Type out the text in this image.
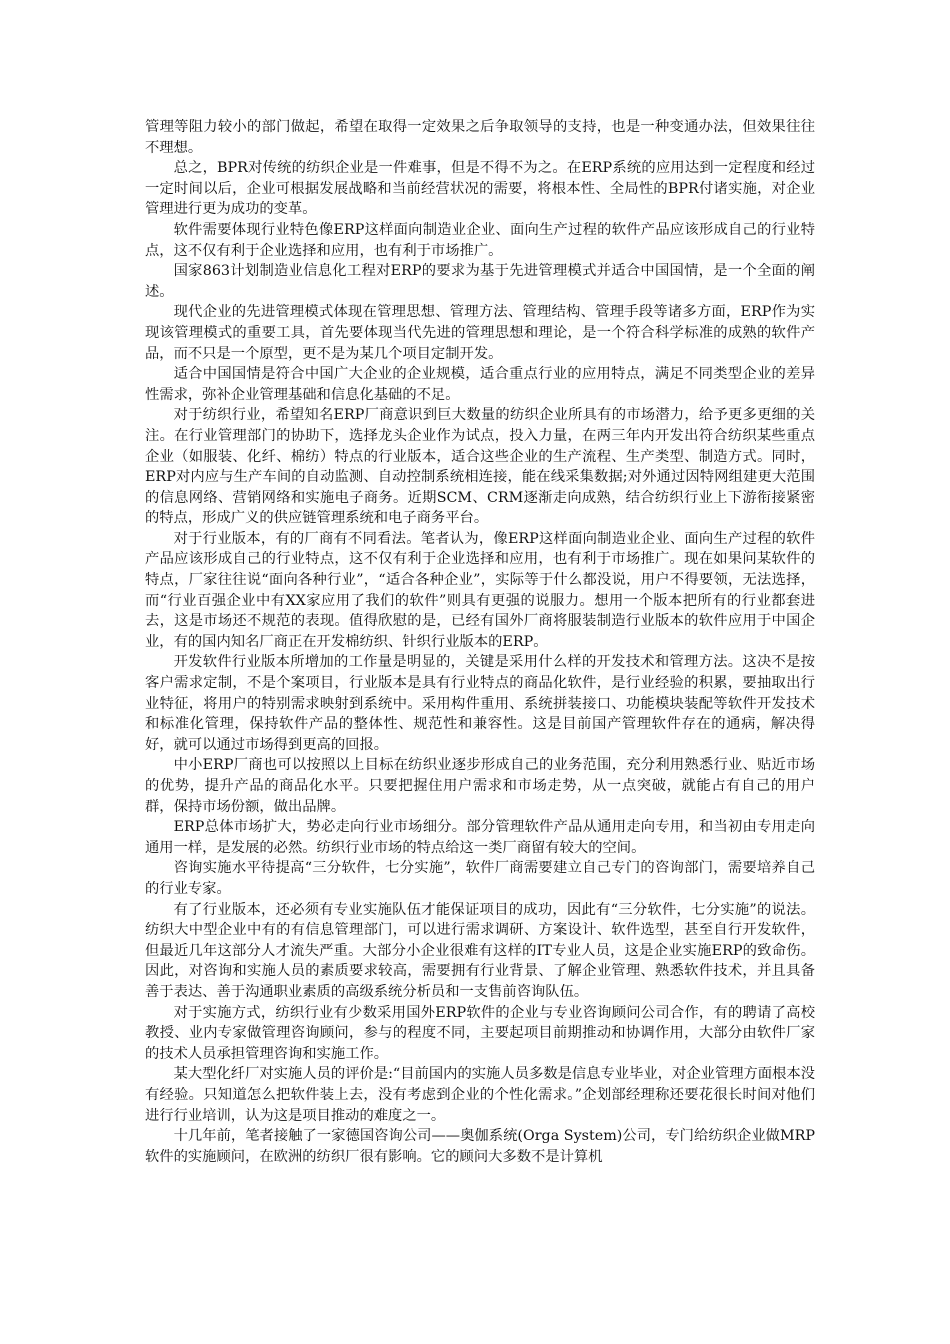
管理等阻力较小的部门做起，希望在取得一定效果之后争取领导的支持，也是一种变通办法，但效果往往不理想。

总之，BPR对传统的纺织企业是一件难事，但是不得不为之。在ERP系统的应用达到一定程度和经过一定时间以后，企业可根据发展战略和当前经营状况的需要，将根本性、全局性的BPR付诸实施，对企业管理进行更为成功的变革。

软件需要体现行业特色像ERP这样面向制造业企业、面向生产过程的软件产品应该形成自己的行业特点，这不仅有利于企业选择和应用，也有利于市场推广。

国家863计划制造业信息化工程对ERP的要求为基于先进管理模式并适合中国国情，是一个全面的阐述。

现代企业的先进管理模式体现在管理思想、管理方法、管理结构、管理手段等诸多方面，ERP作为实现该管理模式的重要工具，首先要体现当代先进的管理思想和理论，是一个符合科学标准的成熟的软件产品，而不只是一个原型，更不是为某几个项目定制开发。

适合中国国情是符合中国广大企业的企业规模，适合重点行业的应用特点，满足不同类型企业的差异性需求，弥补企业管理基础和信息化基础的不足。

对于纺织行业，希望知名ERP厂商意识到巨大数量的纺织企业所具有的市场潜力，给予更多更细的关注。在行业管理部门的协助下，选择龙头企业作为试点，投入力量，在两三年内开发出符合纺织某些重点企业（如服装、化纤、棉纺）特点的行业版本，适合这些企业的生产流程、生产类型、制造方式。同时，ERP对内应与生产车间的自动监测、自动控制系统相连接，能在线采集数据;对外通过因特网组建更大范围的信息网络、营销网络和实施电子商务。近期SCM、CRM逐渐走向成熟，结合纺织行业上下游衔接紧密的特点，形成广义的供应链管理系统和电子商务平台。

对于行业版本，有的厂商有不同看法。笔者认为，像ERP这样面向制造业企业、面向生产过程的软件产品应该形成自己的行业特点，这不仅有利于企业选择和应用，也有利于市场推广。现在如果问某软件的特点，厂家往往说“面向各种行业”，“适合各种企业”，实际等于什么都没说，用户不得要领，无法选择，而“行业百强企业中有XX家应用了我们的软件”则具有更强的说服力。想用一个版本把所有的行业都套进去，这是市场还不规范的表现。值得欣慰的是，已经有国外厂商将服装制造行业版本的软件应用于中国企业，有的国内知名厂商正在开发棉纺织、针织行业版本的ERP。

开发软件行业版本所增加的工作量是明显的，关键是采用什么样的开发技术和管理方法。这决不是按客户需求定制，不是个案项目，行业版本是具有行业特点的商品化软件，是行业经验的积累，要抽取出行业特征，将用户的特别需求映射到系统中。采用构件重用、系统拼装接口、功能模块装配等软件开发技术和标准化管理，保持软件产品的整体性、规范性和兼容性。这是目前国产管理软件存在的通病，解决得好，就可以通过市场得到更高的回报。

中小ERP厂商也可以按照以上目标在纺织业逐步形成自己的业务范围，充分利用熟悉行业、贴近市场的优势，提升产品的商品化水平。只要把握住用户需求和市场走势，从一点突破，就能占有自己的用户群，保持市场份额，做出品牌。

ERP总体市场扩大，势必走向行业市场细分。部分管理软件产品从通用走向专用，和当初由专用走向通用一样，是发展的必然。纺织行业市场的特点给这一类厂商留有较大的空间。

咨询实施水平待提高“三分软件，七分实施”，软件厂商需要建立自己专门的咨询部门，需要培养自己的行业专家。

有了行业版本，还必须有专业实施队伍才能保证项目的成功，因此有“三分软件，七分实施”的说法。纺织大中型企业中有的有信息管理部门，可以进行需求调研、方案设计、软件选型，甚至自行开发软件，但最近几年这部分人才流失严重。大部分小企业很难有这样的IT专业人员，这是企业实施ERP的致命伤。因此，对咨询和实施人员的素质要求较高，需要拥有行业背景、了解企业管理、熟悉软件技术，并且具备善于表达、善于沟通职业素质的高级系统分析员和一支售前咨询队伍。

对于实施方式，纺织行业有少数采用国外ERP软件的企业与专业咨询顾问公司合作，有的聘请了高校教授、业内专家做管理咨询顾问，参与的程度不同，主要起项目前期推动和协调作用，大部分由软件厂家的技术人员承担管理咨询和实施工作。

某大型化纤厂对实施人员的评价是:“目前国内的实施人员多数是信息专业毕业，对企业管理方面根本没有经验。只知道怎么把软件装上去，没有考虑到企业的个性化需求。”企划部经理称还要花很长时间对他们进行行业培训，认为这是项目推动的难度之一。

十几年前，笔者接触了一家德国咨询公司——奥伽系统(Orga System)公司，专门给纺织企业做MRP软件的实施顾问，在欧洲的纺织厂很有影响。它的顾问大多数不是计算机
